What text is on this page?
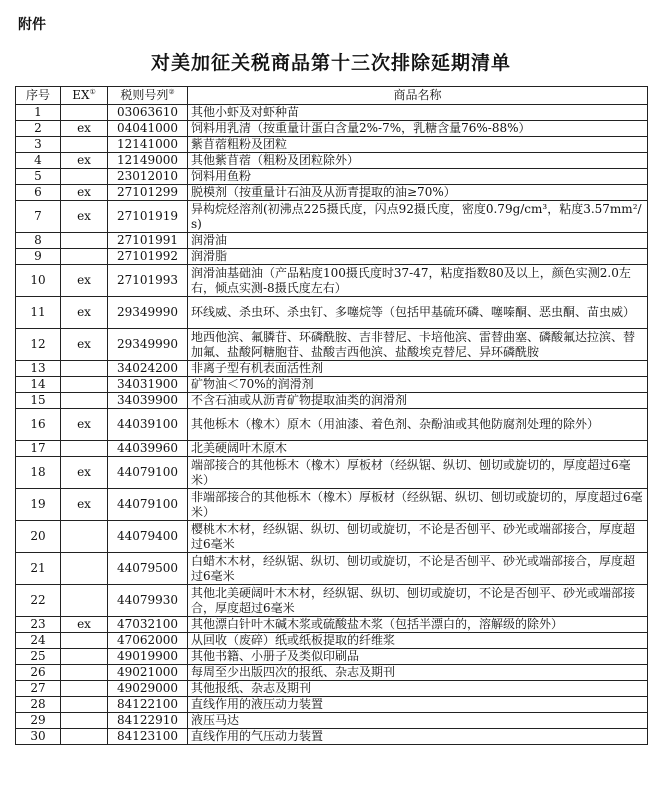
附件
对美加征关税商品第十三次排除延期清单
序号	EX①	税则号列②	商品名称
1		03063610	其他小虾及对虾种苗
2	ex	04041000	饲料用乳清（按重量计蛋白含量2%-7%，乳糖含量76%-88%）
3		12141000	紫苜蓿粗粉及团粒
4	ex	12149000	其他紫苜蓿（粗粉及团粒除外）
5		23012010	饲料用鱼粉
6	ex	27101299	脱模剂（按重量计石油及从沥青提取的油≥70%）
7	ex	27101919	异构烷烃溶剂(初沸点225摄氏度，闪点92摄氏度，密度0.79g/cm³，粘度3.57mm²/s)
8		27101991	润滑油
9		27101992	润滑脂
10	ex	27101993	润滑油基础油（产品粘度100摄氏度时37-47，粘度指数80及以上，颜色实测2.0左右，倾点实测-8摄氏度左右）
11	ex	29349990	环线威、杀虫环、杀虫钉、多噻烷等（包括甲基硫环磷、噻嗪酮、恶虫酮、苗虫威）
12	ex	29349990	地西他滨、氟膦苷、环磷酰胺、吉非替尼、卡培他滨、雷替曲塞、磷酸氟达拉滨、替加氟、盐酸阿糖胞苷、盐酸吉西他滨、盐酸埃克替尼、异环磷酰胺
13		34024200	非离子型有机表面活性剂
14		34031900	矿物油＜70%的润滑剂
15		34039900	不含石油或从沥青矿物提取油类的润滑剂
16	ex	44039100	其他栎木（橡木）原木（用油漆、着色剂、杂酚油或其他防腐剂处理的除外）
17		44039960	北美硬阔叶木原木
18	ex	44079100	端部接合的其他栎木（橡木）厚板材（经纵锯、纵切、刨切或旋切的，厚度超过6毫米）
19	ex	44079100	非端部接合的其他栎木（橡木）厚板材（经纵锯、纵切、刨切或旋切的，厚度超过6毫米）
20		44079400	樱桃木木材，经纵锯、纵切、刨切或旋切，不论是否刨平、砂光或端部接合，厚度超过6毫米
21		44079500	白蜡木木材，经纵锯、纵切、刨切或旋切，不论是否刨平、砂光或端部接合，厚度超过6毫米
22		44079930	其他北美硬阔叶木木材，经纵锯、纵切、刨切或旋切，不论是否刨平、砂光或端部接合，厚度超过6毫米
23	ex	47032100	其他漂白针叶木碱木浆或硫酸盐木浆（包括半漂白的，溶解级的除外）
24		47062000	从回收（废碎）纸或纸板提取的纤维浆
25		49019900	其他书籍、小册子及类似印刷品
26		49021000	每周至少出版四次的报纸、杂志及期刊
27		49029000	其他报纸、杂志及期刊
28		84122100	直线作用的液压动力装置
29		84122910	液压马达
30		84123100	直线作用的气压动力装置
